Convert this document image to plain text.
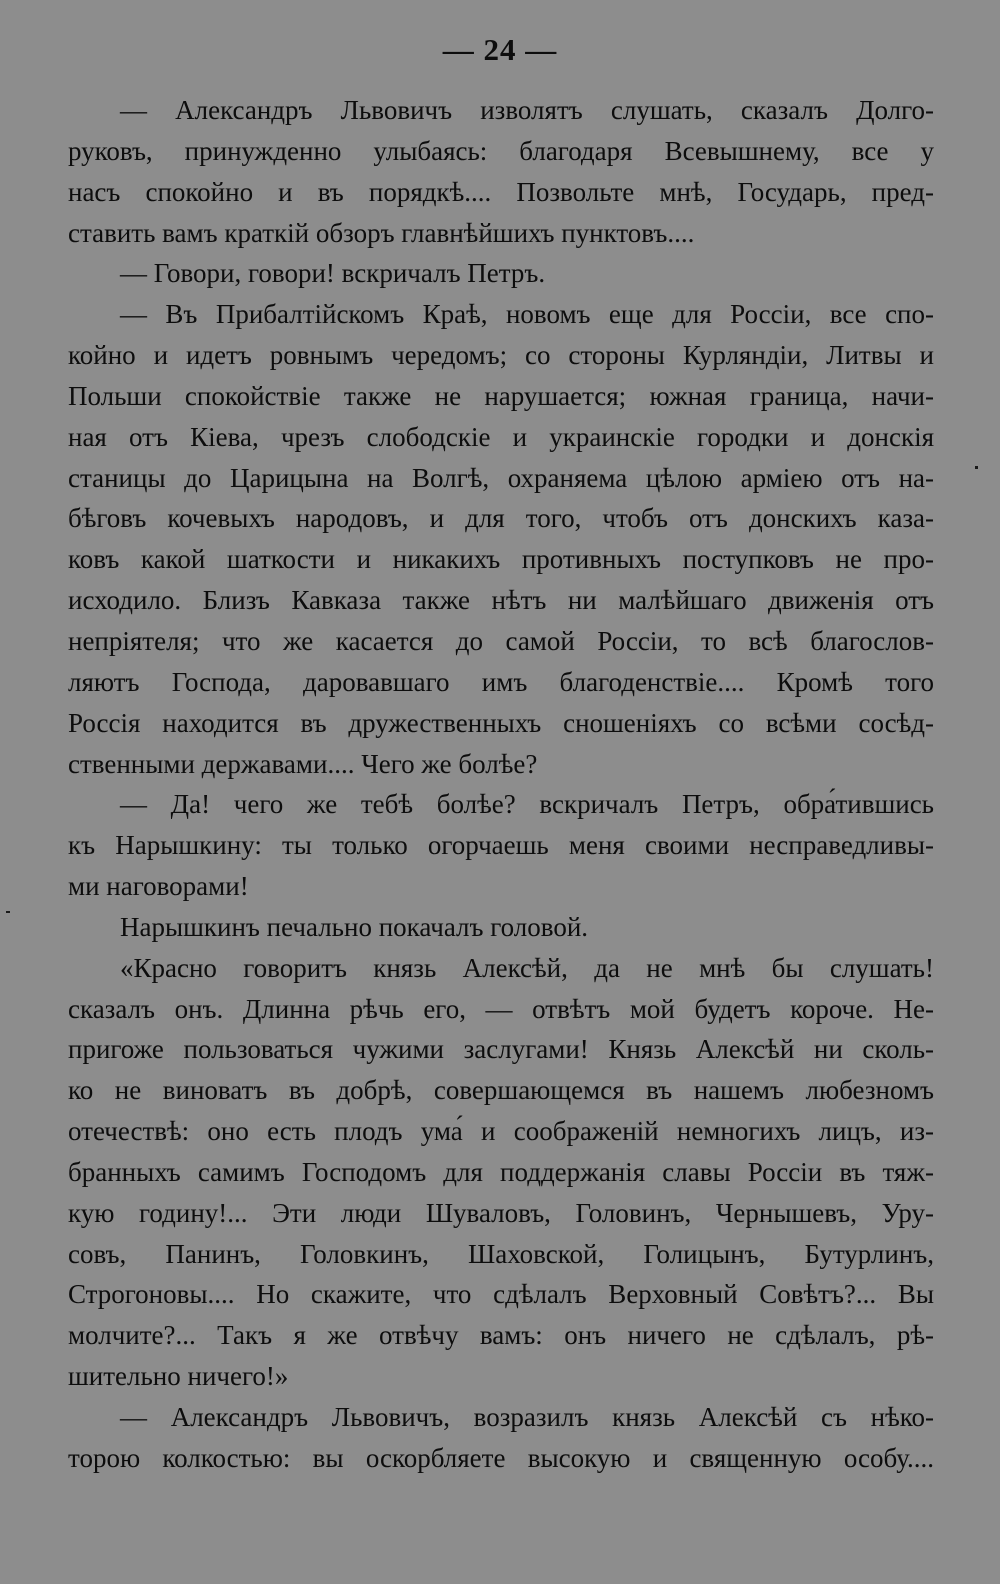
— 24 —
— Александръ Львовичъ изволятъ слушать, сказалъ Долго-
руковъ, принужденно улыбаясь: благодаря Всевышнему, все у
насъ спокойно и въ порядкѣ.... Позвольте мнѣ, Государь, пред-
ставить вамъ краткій обзоръ главнѣйшихъ пунктовъ....
— Говори, говори! вскричалъ Петръ.
— Въ Прибалтійскомъ Краѣ, новомъ еще для Россіи, все спо-
койно и идетъ ровнымъ чередомъ; со стороны Курляндіи, Литвы и
Польши спокойствіе также не нарушается; южная граница, начи-
ная отъ Кіева, чрезъ слободскіе и украинскіе городки и донскія
станицы до Царицына на Волгѣ, охраняема цѣлою арміею отъ на-
бѣговъ кочевыхъ народовъ, и для того, чтобъ отъ донскихъ каза-
ковъ какой шаткости и никакихъ противныхъ поступковъ не про-
исходило. Близъ Кавказа также нѣтъ ни малѣйшаго движенія отъ
непріятеля; что же касается до самой Россіи, то всѣ благослов-
ляютъ Господа, даровавшаго имъ благоденствіе.... Кромѣ того
Россія находится въ дружественныхъ сношеніяхъ со всѣми сосѣд-
ственными державами.... Чего же болѣе?
— Да! чего же тебѣ болѣе? вскричалъ Петръ, обра́тившись
къ Нарышкину: ты только огорчаешь меня своими несправедливы-
ми наговорами!
Нарышкинъ печально покачалъ головой.
«Красно говоритъ князь Алексѣй, да не мнѣ бы слушать!
сказалъ онъ. Длинна рѣчь его, — отвѣтъ мой будетъ короче. Не-
пригоже пользоваться чужими заслугами! Князь Алексѣй ни сколь-
ко не виноватъ въ добрѣ, совершающемся въ нашемъ любезномъ
отечествѣ: оно есть плодъ ума́ и соображеній немногихъ лицъ, из-
бранныхъ самимъ Господомъ для поддержанія славы Россіи въ тяж-
кую годину!... Эти люди Шуваловъ, Головинъ, Чернышевъ, Уру-
совъ, Панинъ, Головкинъ, Шаховской, Голицынъ, Бутурлинъ,
Строгоновы.... Но скажите, что сдѣлалъ Верховный Совѣтъ?... Вы
молчите?... Такъ я же отвѣчу вамъ: онъ ничего не сдѣлалъ, рѣ-
шительно ничего!»
— Александръ Львовичъ, возразилъ князь Алексѣй съ нѣко-
торою колкостью: вы оскорбляете высокую и священную особу....
